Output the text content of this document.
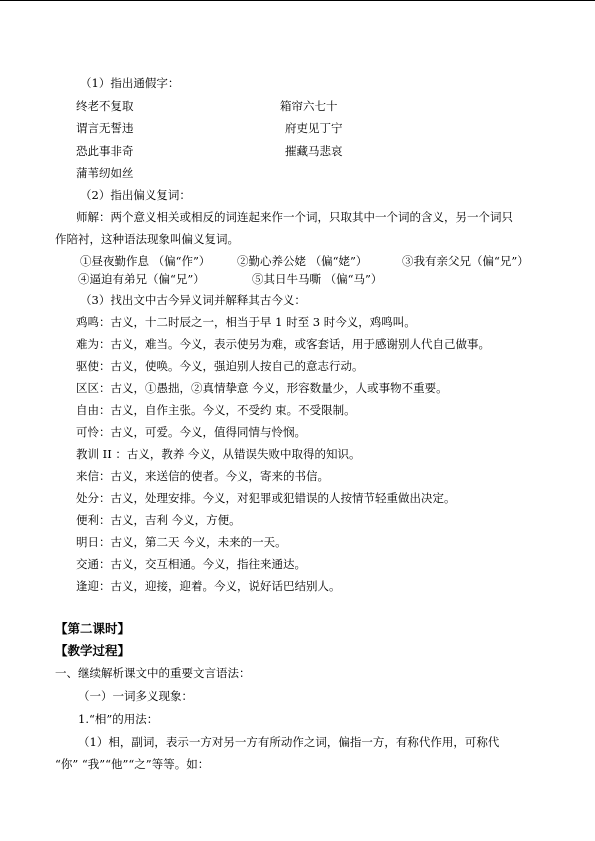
（1）指出通假字：
终老不复取	箱帘六七十
谓言无誓违	府吏见丁宁
恐此事非奇	摧藏马悲哀
蒲苇纫如丝
（2）指出偏义复词：
师解：两个意义相关或相反的词连起来作一个词，只取其中一个词的含义，另一个词只
作陪衬，这种语法现象叫偏义复词。
①昼夜勤作息 （偏“作”） ②勤心养公姥 （偏“姥”）	③我有亲父兄（偏“兄”）
④逼迫有弟兄（偏“兄”）	⑤其日牛马嘶 （偏“马”）
（3）找出文中古今异义词并解释其古今义：
鸡鸣：古义，十二时辰之一，相当于早 1 时至 3 时今义，鸡鸣叫。
难为：古义，难当。今义，表示使另为难，或客套话，用于感谢别人代自己做事。
驱使：古义，使唤。今义，强迫别人按自己的意志行动。
区区：古义，①愚拙，②真情挚意 今义，形容数量少，人或事物不重要。
自由：古义，自作主张。今义，不受约 束。不受限制。
可怜：古义，可爱。今义，值得同情与怜悯。
教训 II ：古义，教养 今义，从错误失败中取得的知识。
来信：古义，来送信的使者。今义，寄来的书信。
处分：古义，处理安排。今义，对犯罪或犯错误的人按情节轻重做出决定。
便利：古义，吉利 今义，方便。
明日：古义，第二天 今义，未来的一天。
交通：古义，交互相通。今义，指往来通达。
逢迎：古义，迎接，迎着。今义，说好话巴结别人。
【第二课时】
【教学过程】
一、继续解析课文中的重要文言语法：
（一）一词多义现象：
1.“相”的用法：
（1）相，副词，表示一方对另一方有所动作之词，偏指一方，有称代作用，可称代
“你” “我”“他”“之”等等。如：
